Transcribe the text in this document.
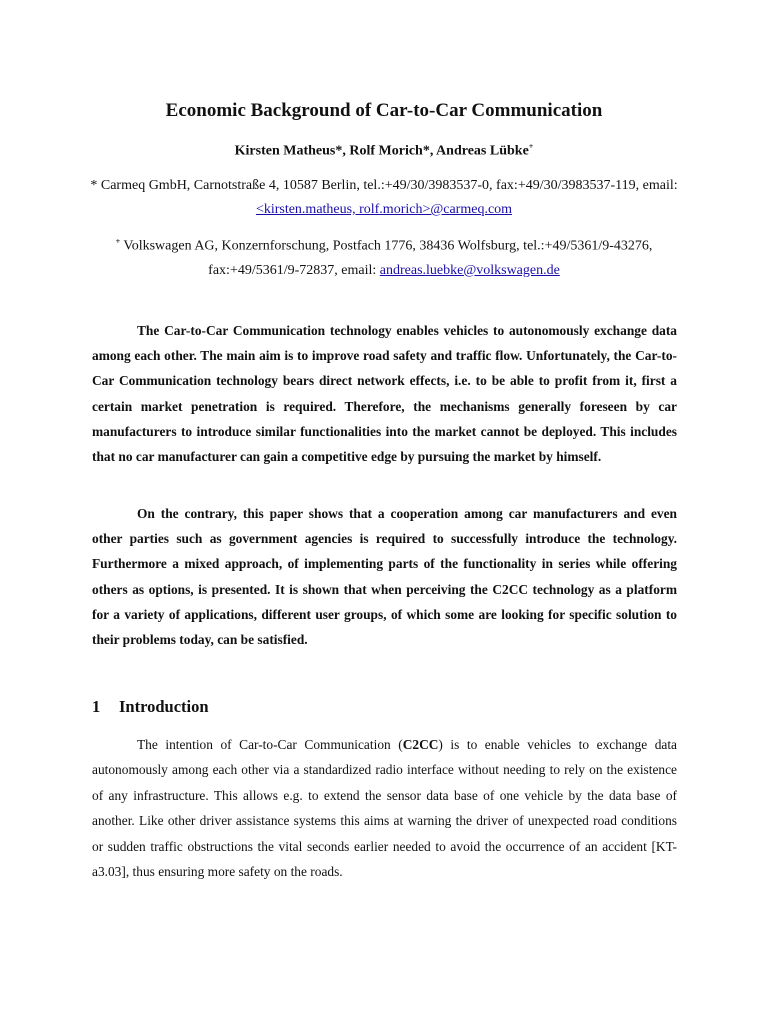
Economic Background of Car-to-Car Communication
Kirsten Matheus*, Rolf Morich*, Andreas Lübke+
* Carmeq GmbH, Carnotstraße 4, 10587 Berlin, tel.:+49/30/3983537-0, fax:+49/30/3983537-119, email: <kirsten.matheus, rolf.morich>@carmeq.com
+ Volkswagen AG, Konzernforschung, Postfach 1776, 38436 Wolfsburg, tel.:+49/5361/9-43276, fax:+49/5361/9-72837, email: andreas.luebke@volkswagen.de

The Car-to-Car Communication technology enables vehicles to autonomously exchange data among each other. The main aim is to improve road safety and traffic flow. Unfortunately, the Car-to-Car Communication technology bears direct network effects, i.e. to be able to profit from it, first a certain market penetration is required. Therefore, the mechanisms generally foreseen by car manufacturers to introduce similar functionalities into the market cannot be deployed. This includes that no car manufacturer can gain a competitive edge by pursuing the market by himself.

On the contrary, this paper shows that a cooperation among car manufacturers and even other parties such as government agencies is required to successfully introduce the technology. Furthermore a mixed approach, of implementing parts of the functionality in series while offering others as options, is presented. It is shown that when perceiving the C2CC technology as a platform for a variety of applications, different user groups, of which some are looking for specific solution to their problems today, can be satisfied.

1 Introduction

The intention of Car-to-Car Communication (C2CC) is to enable vehicles to exchange data autonomously among each other via a standardized radio interface without needing to rely on the existence of any infrastructure. This allows e.g. to extend the sensor data base of one vehicle by the data base of another. Like other driver assistance systems this aims at warning the driver of unexpected road conditions or sudden traffic obstructions the vital seconds earlier needed to avoid the occurrence of an accident [KT-a3.03], thus ensuring more safety on the roads.
